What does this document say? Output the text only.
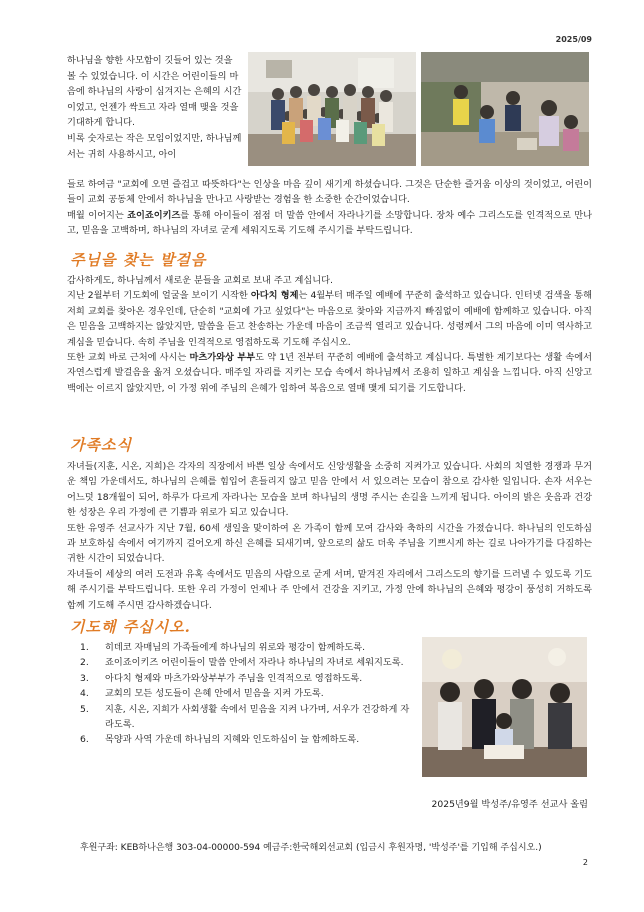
2025/09

하나님을 향한 사모함이 깃들어 있는 것을 볼 수 있었습니다. 이 시간은 어린이들의 마음에 하나님의 사랑이 심겨지는 은혜의 시간이었고, 언젠가 싹트고 자라 열매 맺을 것을 기대하게 합니다.

비록 숫자로는 작은 모임이었지만, 하나님께서는 귀히 사용하시고, 아이

들로 하여금 "교회에 오면 즐겁고 따뜻하다"는 인상을 마음 깊이 새기게 하셨습니다. 그것은 단순한 즐거움 이상의 것이었고, 어린이들이 교회 공동체 안에서 하나님을 만나고 사랑받는 경험을 한 소중한 순간이었습니다.

매월 이어지는 죠이죠이키즈를 통해 아이들이 점점 더 말씀 안에서 자라나기를 소망합니다. 장차 예수 그리스도를 인격적으로 만나고, 믿음을 고백하며, 하나님의 자녀로 굳게 세워지도록 기도해 주시기를 부탁드립니다.

주님을 찾는 발걸음

감사하게도, 하나님께서 새로운 분들을 교회로 보내 주고 계십니다.

지난 2월부터 기도회에 얼굴을 보이기 시작한 아다치 형제는 4월부터 매주일 예배에 꾸준히 출석하고 있습니다. 인터넷 검색을 통해 저희 교회를 찾아온 경우인데, 단순히 "교회에 가고 싶었다"는 마음으로 찾아와 지금까지 빠짐없이 예배에 함께하고 있습니다. 아직은 믿음을 고백하지는 않았지만, 말씀을 듣고 찬송하는 가운데 마음이 조금씩 열리고 있습니다. 성령께서 그의 마음에 이미 역사하고 계심을 믿습니다. 속히 주님을 인격적으로 영접하도록 기도해 주십시오.

또한 교회 바로 근처에 사시는 마츠가와상 부부도 약 1년 전부터 꾸준히 예배에 출석하고 계십니다. 특별한 계기보다는 생활 속에서 자연스럽게 발걸음을 옮겨 오셨습니다. 매주일 자리를 지키는 모습 속에서 하나님께서 조용히 일하고 계심을 느낍니다. 아직 신앙고백에는 이르지 않았지만, 이 가정 위에 주님의 은혜가 임하여 복음으로 열매 맺게 되기를 기도합니다.

가족소식

자녀들(지훈, 시온, 지희)은 각자의 직장에서 바쁜 일상 속에서도 신앙생활을 소중히 지켜가고 있습니다. 사회의 치열한 경쟁과 무거운 책임 가운데서도, 하나님의 은혜를 힘입어 흔들리지 않고 믿음 안에서 서 있으려는 모습이 참으로 감사한 일입니다. 손자 서우는 어느덧 18개월이 되어, 하루가 다르게 자라나는 모습을 보며 하나님의 생명 주시는 손길을 느끼게 됩니다. 아이의 밝은 웃음과 건강한 성장은 우리 가정에 큰 기쁨과 위로가 되고 있습니다.

또한 유영주 선교사가 지난 7월, 60세 생일을 맞이하여 온 가족이 함께 모여 감사와 축하의 시간을 가졌습니다. 하나님의 인도하심과 보호하심 속에서 여기까지 걸어오게 하신 은혜를 되새기며, 앞으로의 삶도 더욱 주님을 기쁘시게 하는 길로 나아가기를 다짐하는 귀한 시간이 되었습니다.

자녀들이 세상의 여러 도전과 유혹 속에서도 믿음의 사람으로 굳게 서며, 맡겨진 자리에서 그리스도의 향기를 드러낼 수 있도록 기도해 주시기를 부탁드립니다. 또한 우리 가정이 언제나 주 안에서 건강을 지키고, 가정 안에 하나님의 은혜와 평강이 풍성히 거하도록 함께 기도해 주시면 감사하겠습니다.

기도해 주십시오.
1.	히데코 자매님의 가족들에게 하나님의 위로와 평강이 함께하도록.
2.	죠이죠이키즈 어린이들이 말씀 안에서 자라나 하나님의 자녀로 세워지도록.
3.	아다치 형제와 마츠가와상부부가 주님을 인격적으로 영접하도록.
4.	교회의 모든 성도들이 은혜 안에서 믿음을 지켜 가도록.
5.	지훈, 시온, 지희가 사회생활 속에서 믿음을 지켜 나가며, 서우가 건강하게 자라도록.
6.	목양과 사역 가운데 하나님의 지혜와 인도하심이 늘 함께하도록.
2025년9월 박성주/유영주 선교사 올림
후원구좌: KEB하나은행 303-04-00000-594 예금주:한국해외선교회 (입금시 후원자명, '박성주'를 기입해 주십시오.)
2
